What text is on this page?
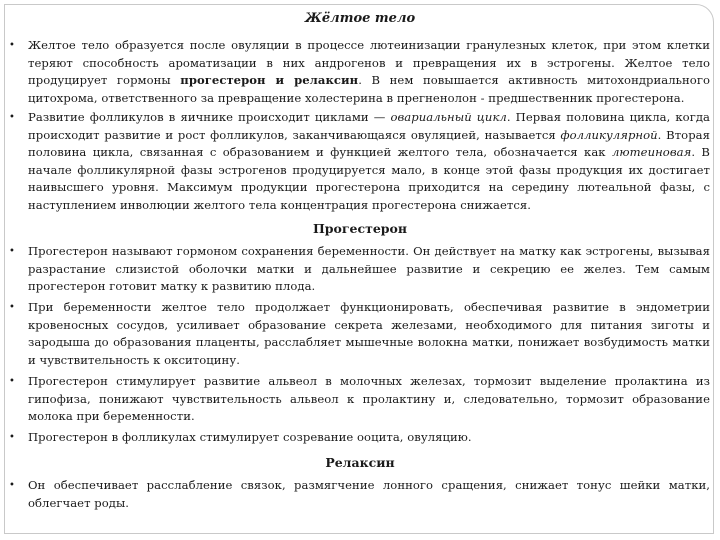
Жёлтое тело
• Желтое тело образуется после овуляции в процессе лютеинизации гранулезных клеток, при этом клетки теряют способность ароматизации в них андрогенов и превращения их в эстрогены. Желтое тело продуцирует гормоны прогестерон и релаксин. В нем повышается активность митохондриального цитохрома, ответственного за превращение холестерина в прегненолон - предшественник прогестерона.
• Развитие фолликулов в яичнике происходит циклами — овариальный цикл. Первая половина цикла, когда происходит развитие и рост фолликулов, заканчивающаяся овуляцией, называется фолликулярной. Вторая половина цикла, связанная с образованием и функцией желтого тела, обозначается как лютеиновая. В начале фолликулярной фазы эстрогенов продуцируется мало, в конце этой фазы продукция их достигает наивысшего уровня. Максимум продукции прогестерона приходится на середину лютеальной фазы, с наступлением инволюции желтого тела концентрация прогестерона снижается.
Прогестерон
• Прогестерон называют гормоном сохранения беременности. Он действует на матку как эстрогены, вызывая разрастание слизистой оболочки матки и дальнейшее развитие и секрецию ее желез. Тем самым прогестерон готовит матку к развитию плода.
• При беременности желтое тело продолжает функционировать, обеспечивая развитие в эндометрии кровеносных сосудов, усиливает образование секрета железами, необходимого для питания зиготы и зародыша до образования плаценты, расслабляет мышечные волокна матки, понижает возбудимость матки и чувствительность к окситоцину.
• Прогестерон стимулирует развитие альвеол в молочных железах, тормозит выделение пролактина из гипофиза, понижают чувствительность альвеол к пролактину и, следовательно, тормозит образование молока при беременности.
• Прогестерон в фолликулах стимулирует созревание ооцита, овуляцию.
Релаксин
• Он обеспечивает расслабление связок, размягчение лонного сращения, снижает тонус шейки матки, облегчает роды.
